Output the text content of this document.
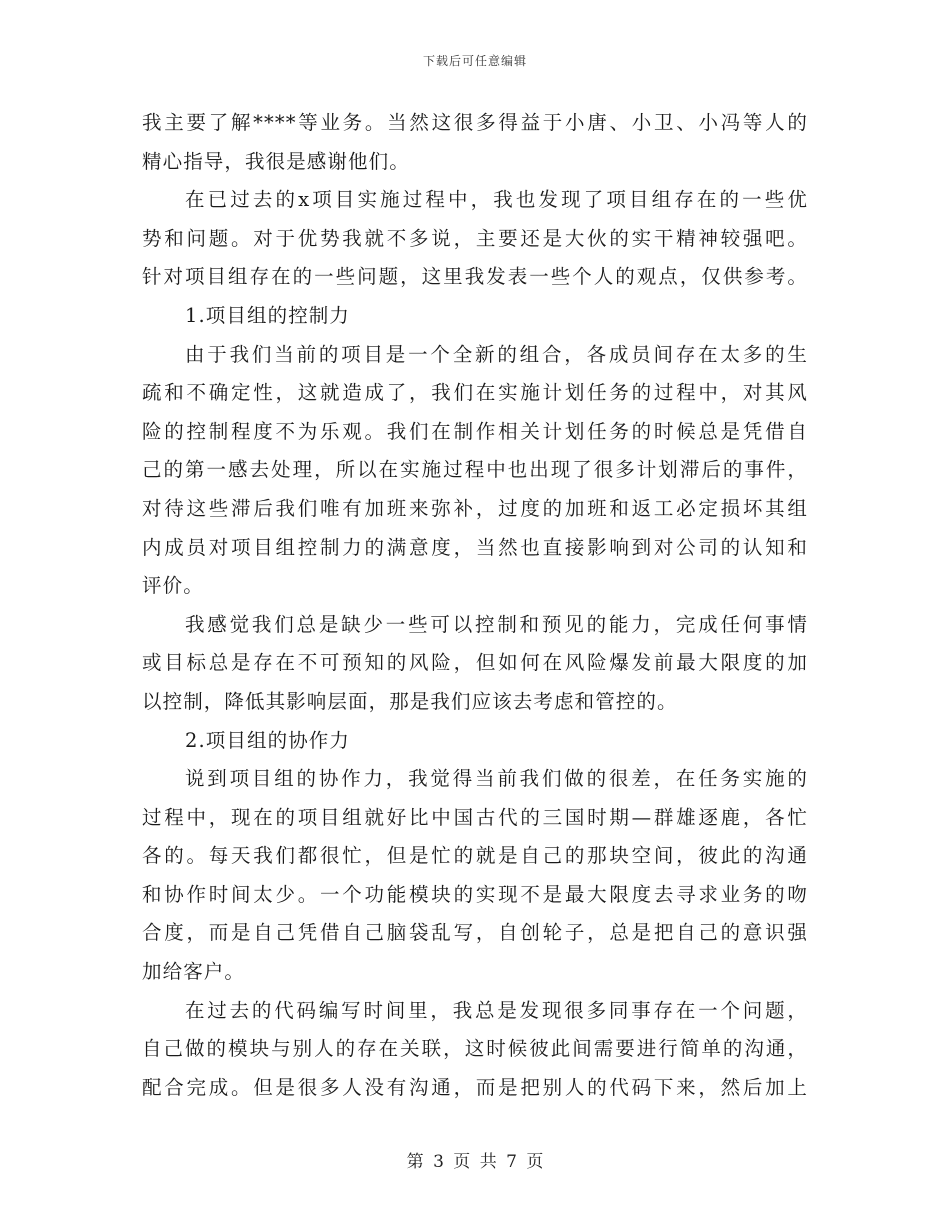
下载后可任意编辑
我主要了解****等业务。当然这很多得益于小唐、小卫、小冯等人的
精心指导，我很是感谢他们。
在已过去的x项目实施过程中，我也发现了项目组存在的一些优
势和问题。对于优势我就不多说，主要还是大伙的实干精神较强吧。
针对项目组存在的一些问题，这里我发表一些个人的观点，仅供参考。
1.项目组的控制力
由于我们当前的项目是一个全新的组合，各成员间存在太多的生
疏和不确定性，这就造成了，我们在实施计划任务的过程中，对其风
险的控制程度不为乐观。我们在制作相关计划任务的时候总是凭借自
己的第一感去处理，所以在实施过程中也出现了很多计划滞后的事件，
对待这些滞后我们唯有加班来弥补，过度的加班和返工必定损坏其组
内成员对项目组控制力的满意度，当然也直接影响到对公司的认知和
评价。
我感觉我们总是缺少一些可以控制和预见的能力，完成任何事情
或目标总是存在不可预知的风险，但如何在风险爆发前最大限度的加
以控制，降低其影响层面，那是我们应该去考虑和管控的。
2.项目组的协作力
说到项目组的协作力，我觉得当前我们做的很差，在任务实施的
过程中，现在的项目组就好比中国古代的三国时期—群雄逐鹿，各忙
各的。每天我们都很忙，但是忙的就是自己的那块空间，彼此的沟通
和协作时间太少。一个功能模块的实现不是最大限度去寻求业务的吻
合度，而是自己凭借自己脑袋乱写，自创轮子，总是把自己的意识强
加给客户。
在过去的代码编写时间里，我总是发现很多同事存在一个问题，
自己做的模块与别人的存在关联，这时候彼此间需要进行简单的沟通，
配合完成。但是很多人没有沟通，而是把别人的代码下来，然后加上
第 3 页 共 7 页
